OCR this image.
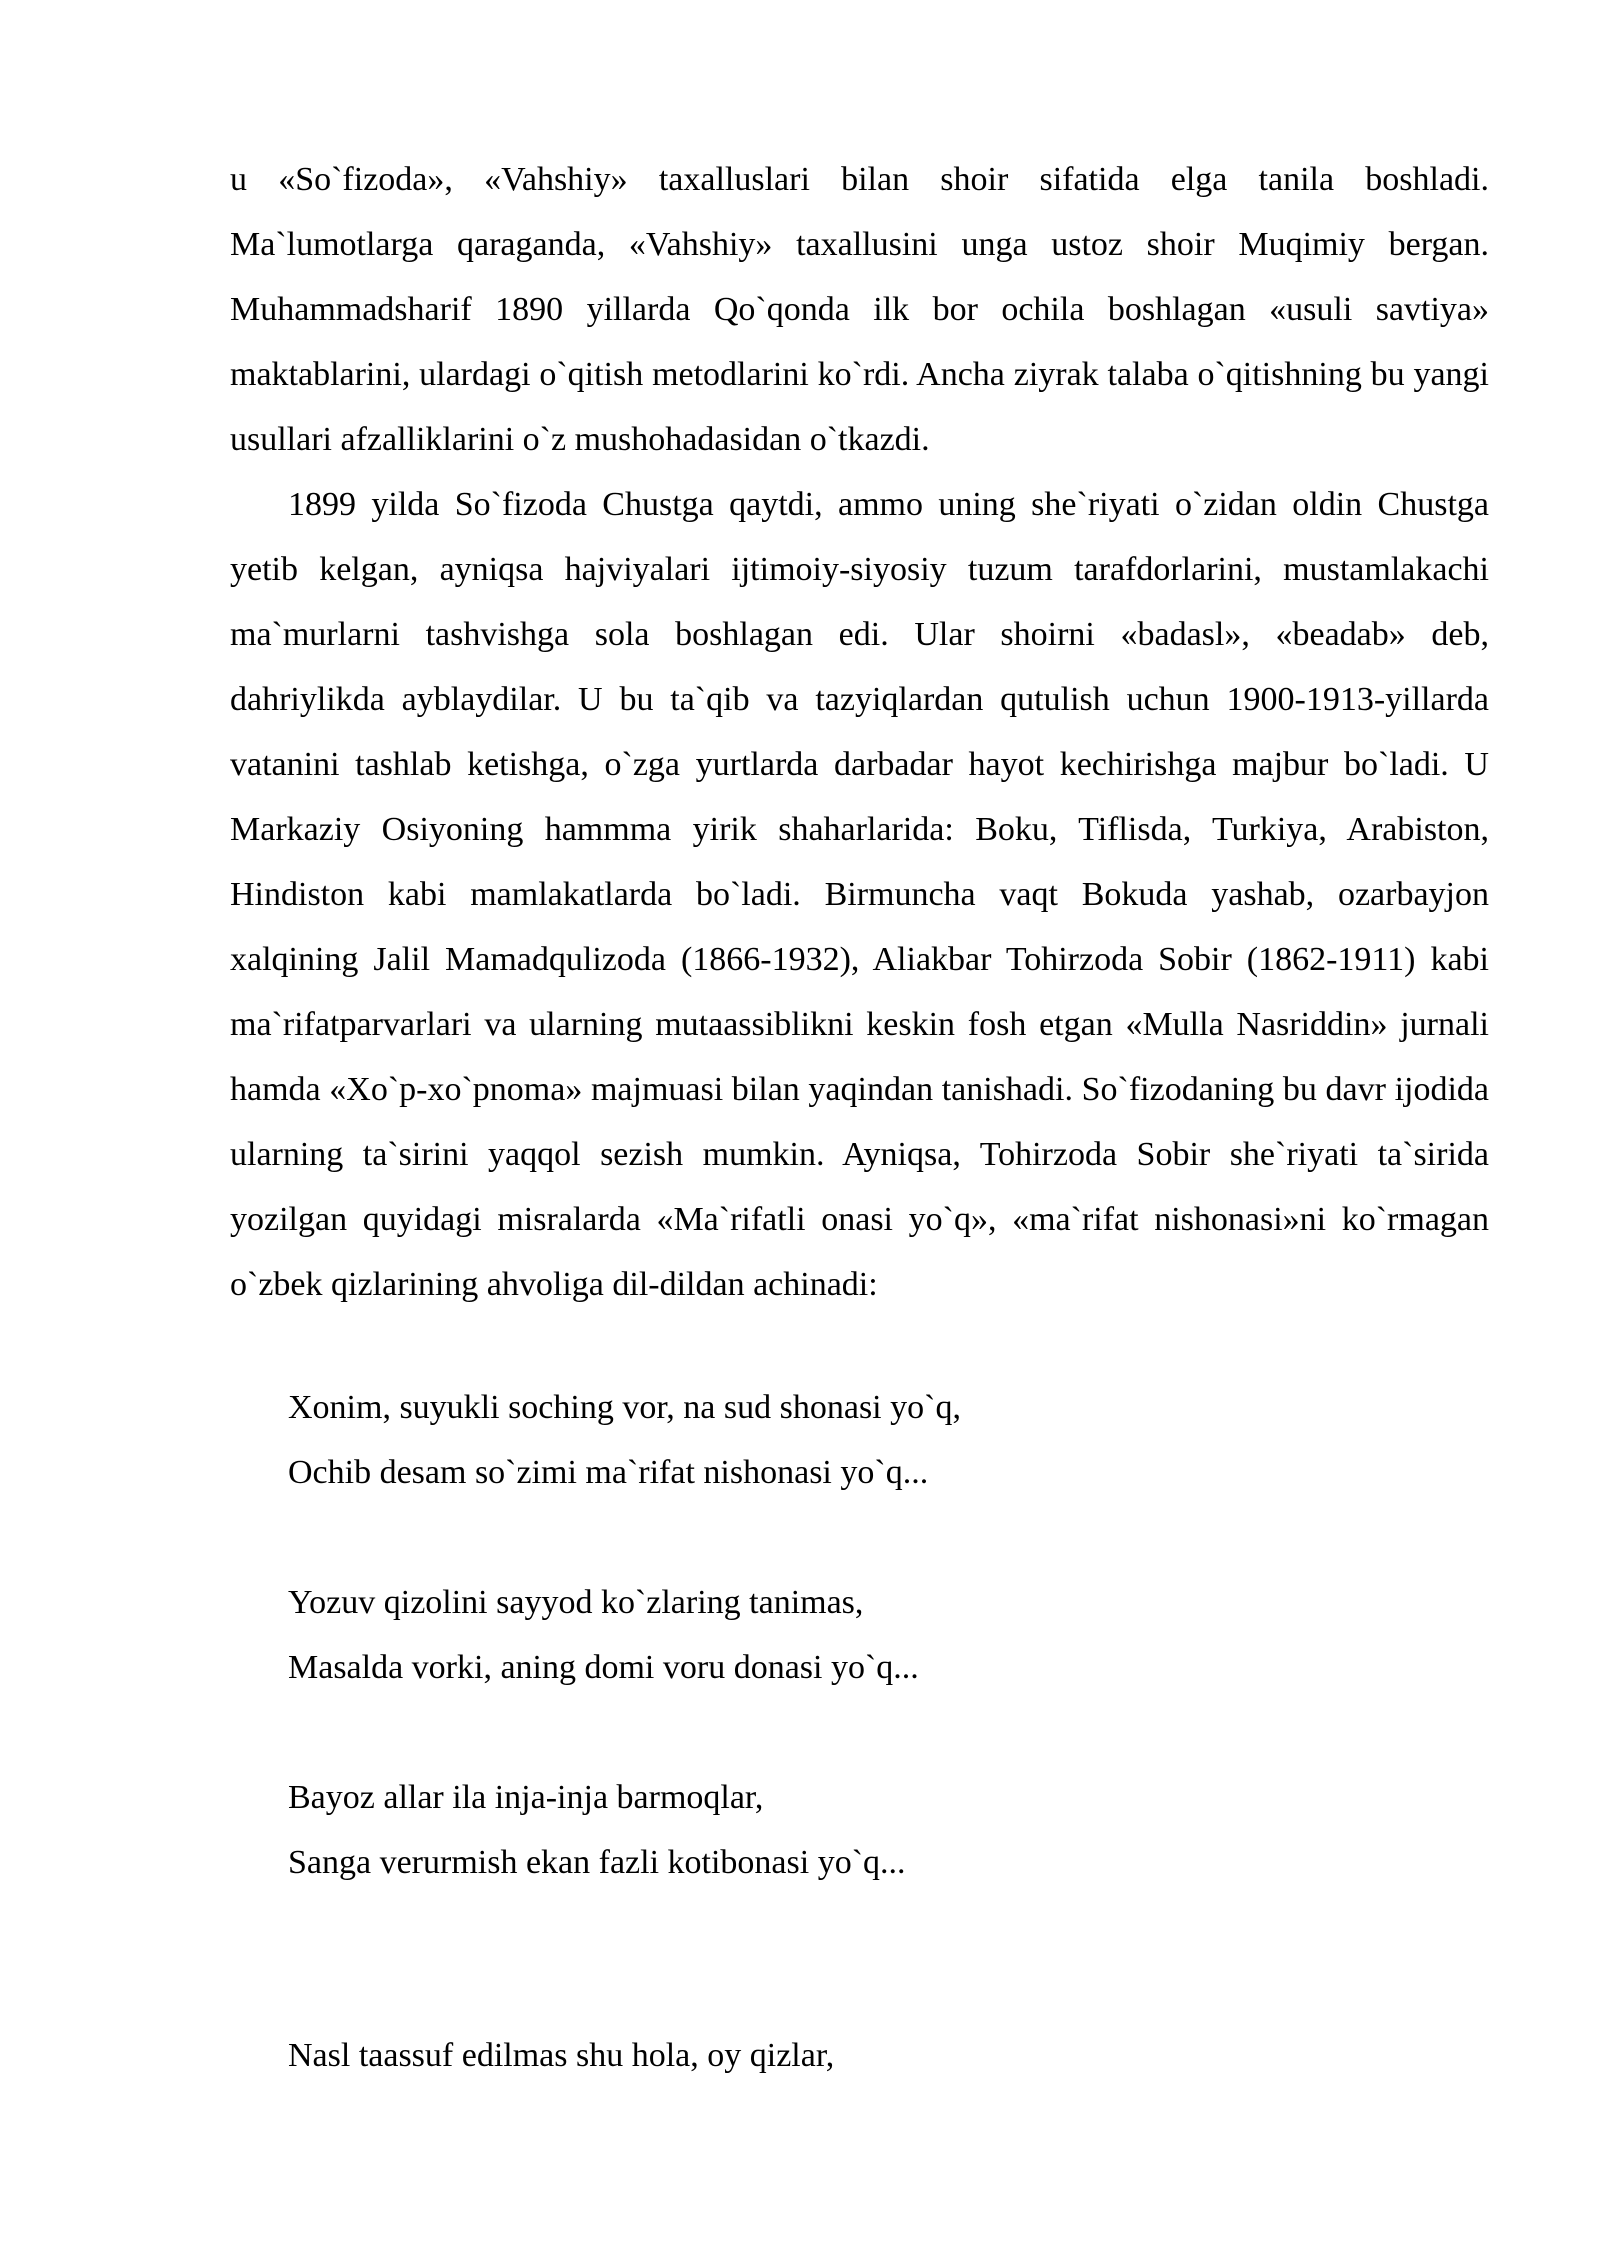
u «So`fizoda», «Vahshiy» taxalluslari bilan shoir sifatida elga tanila boshladi. Ma`lumotlarga qaraganda, «Vahshiy» taxallusini unga ustoz shoir Muqimiy bergan. Muhammadsharif 1890 yillarda Qo`qonda ilk bor ochila boshlagan «usuli savtiya» maktablarini, ulardagi o`qitish metodlarini ko`rdi. Ancha ziyrak talaba o`qitishning bu yangi usullari afzalliklarini o`z mushohadasidan o`tkazdi.

1899 yilda So`fizoda Chustga qaytdi, ammo uning she`riyati o`zidan oldin Chustga yetib kelgan, ayniqsa hajviyalari ijtimoiy-siyosiy tuzum tarafdorlarini, mustamlakachi ma`murlarni tashvishga sola boshlagan edi. Ular shoirni «badasl», «beadab» deb, dahriylikda ayblaydilar. U bu ta`qib va tazyiqlardan qutulish uchun 1900-1913-yillarda vatanini tashlab ketishga, o`zga yurtlarda darbadar hayot kechirishga majbur bo`ladi. U Markaziy Osiyoning hammma yirik shaharlarida: Boku, Tiflisda, Turkiya, Arabiston, Hindiston kabi mamlakatlarda bo`ladi. Birmuncha vaqt Bokuda yashab, ozarbayjon xalqining Jalil Mamadqulizoda (1866-1932), Aliakbar Tohirzoda Sobir (1862-1911) kabi ma`rifatparvarlari va ularning mutaassiblikni keskin fosh etgan «Mulla Nasriddin» jurnali hamda «Xo`p-xo`pnoma» majmuasi bilan yaqindan tanishadi. So`fizodaning bu davr ijodida ularning ta`sirini yaqqol sezish mumkin. Ayniqsa, Tohirzoda Sobir she`riyati ta`sirida yozilgan quyidagi misralarda «Ma`rifatli onasi yo`q», «ma`rifat nishonasi»ni ko`rmagan o`zbek qizlarining ahvoliga dil-dildan achinadi:

Xonim, suyukli soching vor, na sud shonasi yo`q,

Ochib desam so`zimi ma`rifat nishonasi yo`q...

Yozuv qizolini sayyod ko`zlaring tanimas,

Masalda vorki, aning domi voru donasi yo`q...

Bayoz allar ila inja-inja barmoqlar,

Sanga verurmish ekan fazli kotibonasi yo`q...

Nasl taassuf edilmas shu hola, oy qizlar,
